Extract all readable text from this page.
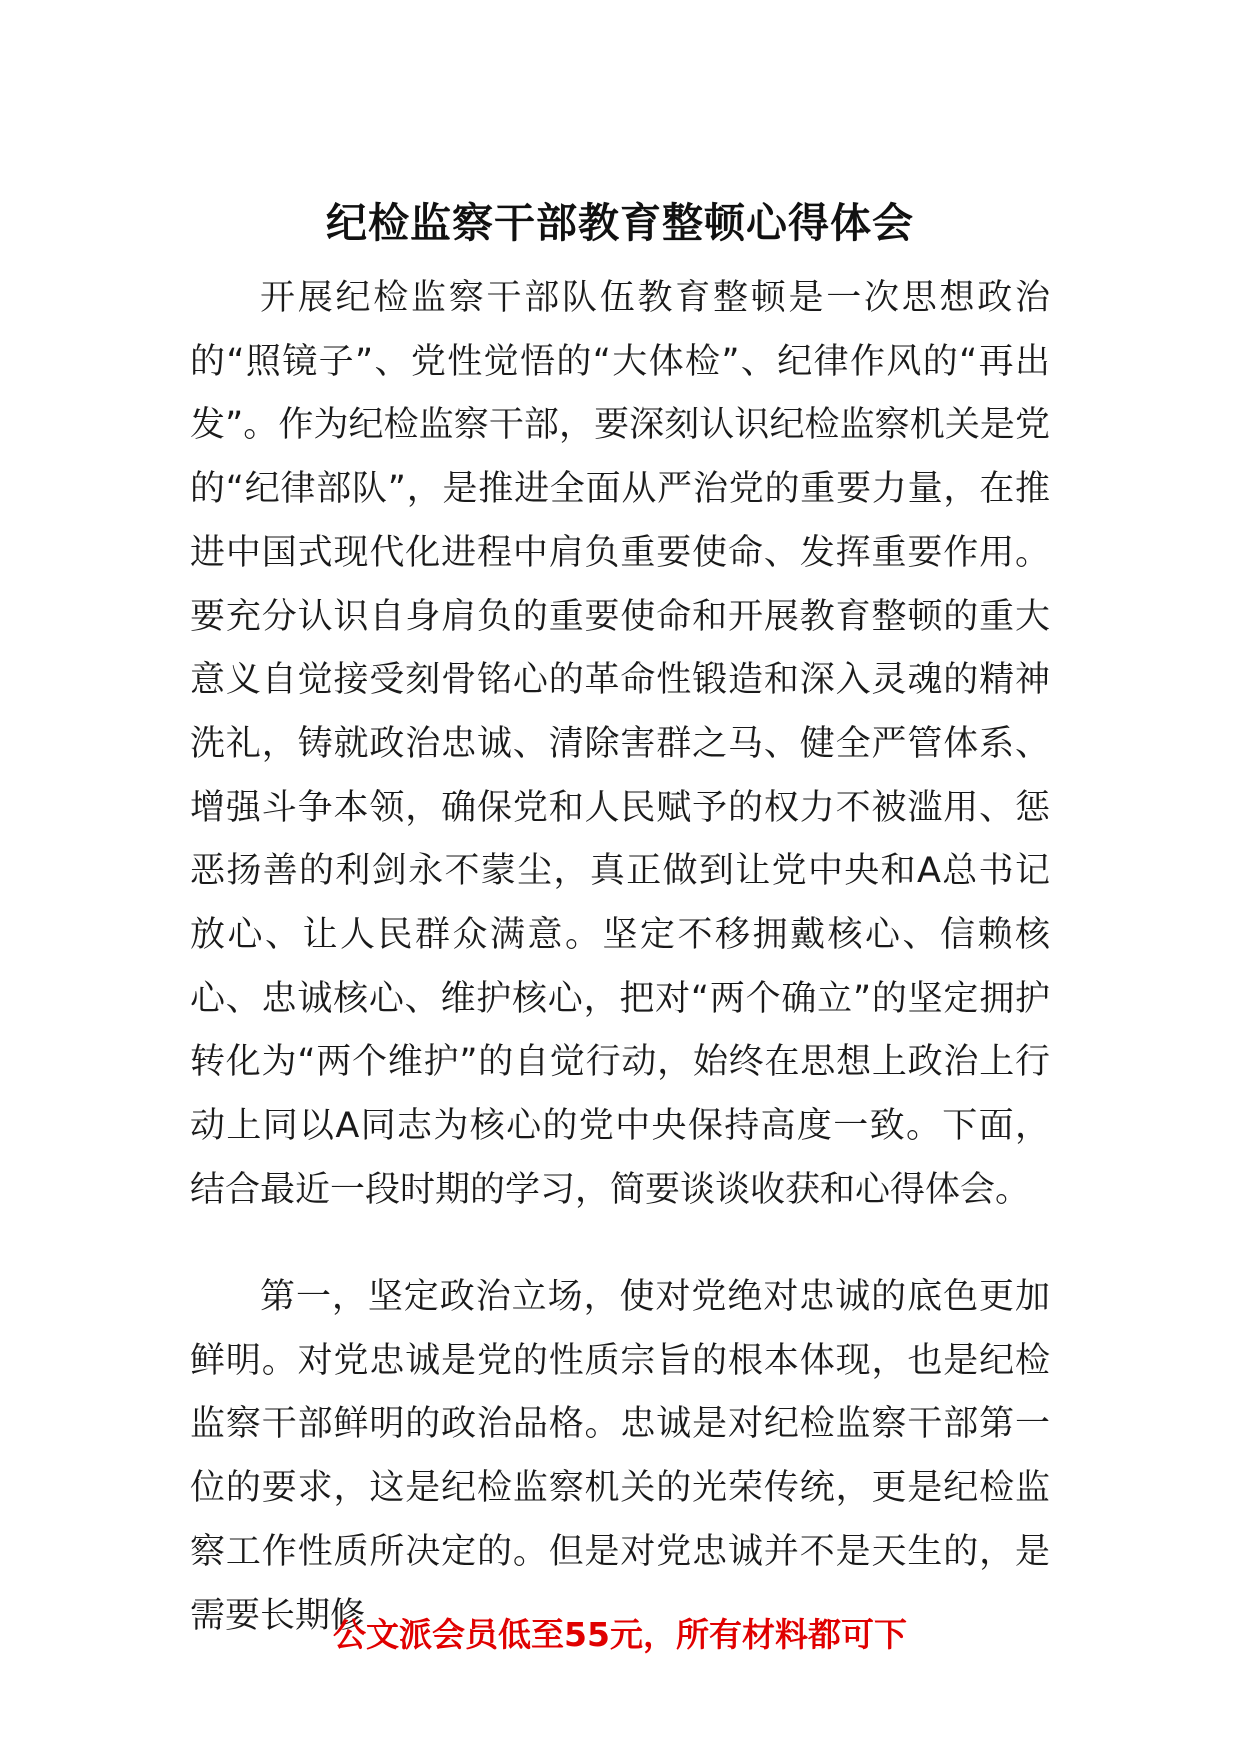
纪检监察干部教育整顿心得体会

开展纪检监察干部队伍教育整顿是一次思想政治的“照镜子”、党性觉悟的“大体检”、纪律作风的“再出发”。作为纪检监察干部，要深刻认识纪检监察机关是党的“纪律部队”，是推进全面从严治党的重要力量，在推进中国式现代化进程中肩负重要使命、发挥重要作用。要充分认识自身肩负的重要使命和开展教育整顿的重大意义自觉接受刻骨铭心的革命性锻造和深入灵魂的精神洗礼，铸就政治忠诚、清除害群之马、健全严管体系、增强斗争本领，确保党和人民赋予的权力不被滥用、惩恶扬善的利剑永不蒙尘，真正做到让党中央和A总书记放心、让人民群众满意。坚定不移拥戴核心、信赖核心、忠诚核心、维护核心，把对“两个确立”的坚定拥护转化为“两个维护”的自觉行动，始终在思想上政治上行动上同以A同志为核心的党中央保持高度一致。下面，结合最近一段时期的学习，简要谈谈收获和心得体会。

第一，坚定政治立场，使对党绝对忠诚的底色更加鲜明。对党忠诚是党的性质宗旨的根本体现，也是纪检监察干部鲜明的政治品格。忠诚是对纪检监察干部第一位的要求，这是纪检监察机关的光荣传统，更是纪检监察工作性质所决定的。但是对党忠诚并不是天生的，是需要长期修

公文派会员低至55元，所有材料都可下
